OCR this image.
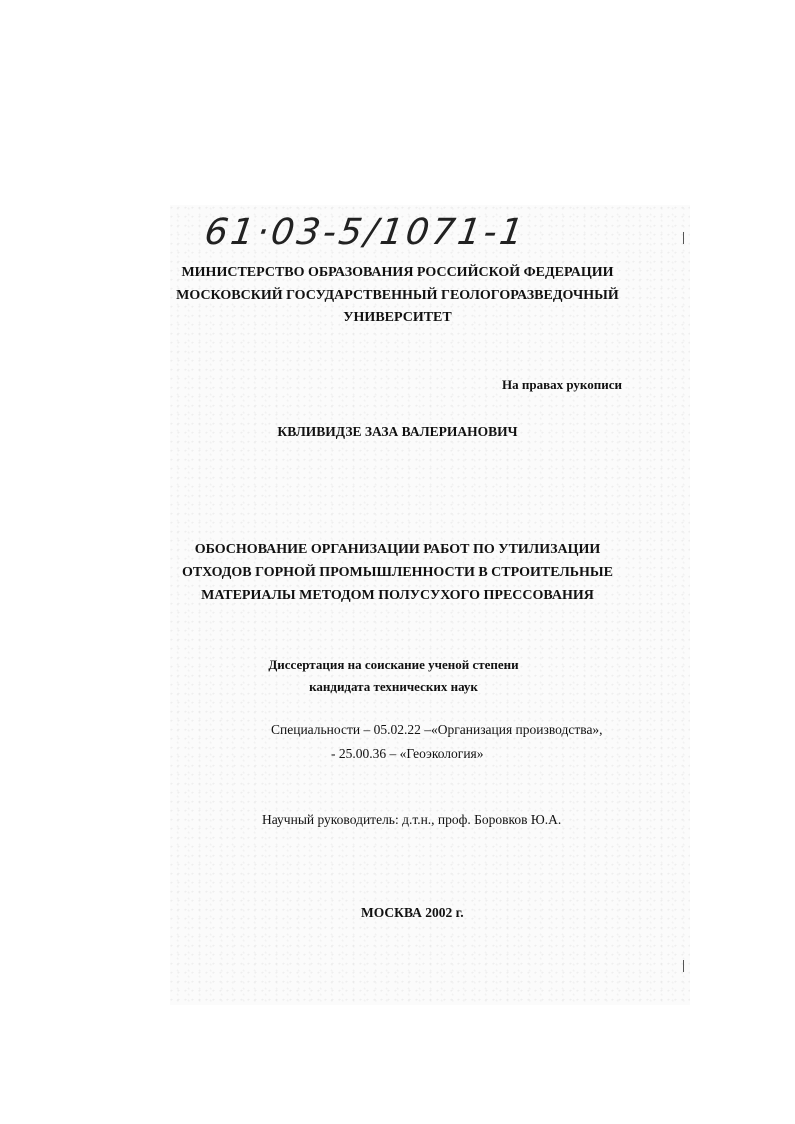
61·03-5/1071-1
МИНИСТЕРСТВО ОБРАЗОВАНИЯ РОССИЙСКОЙ ФЕДЕРАЦИИ
МОСКОВСКИЙ ГОСУДАРСТВЕННЫЙ ГЕОЛОГОРАЗВЕДОЧНЫЙ
УНИВЕРСИТЕТ
На правах рукописи
КВЛИВИДЗЕ ЗАЗА ВАЛЕРИАНОВИЧ
ОБОСНОВАНИЕ ОРГАНИЗАЦИИ РАБОТ ПО УТИЛИЗАЦИИ
ОТХОДОВ ГОРНОЙ ПРОМЫШЛЕННОСТИ В СТРОИТЕЛЬНЫЕ
МАТЕРИАЛЫ МЕТОДОМ ПОЛУСУХОГО ПРЕССОВАНИЯ
Диссертация на соискание ученой степени
кандидата технических наук
Специальности – 05.02.22 –«Организация производства»,
- 25.00.36 – «Геоэкология»
Научный руководитель: д.т.н., проф. Боровков Ю.А.
МОСКВА 2002 г.
